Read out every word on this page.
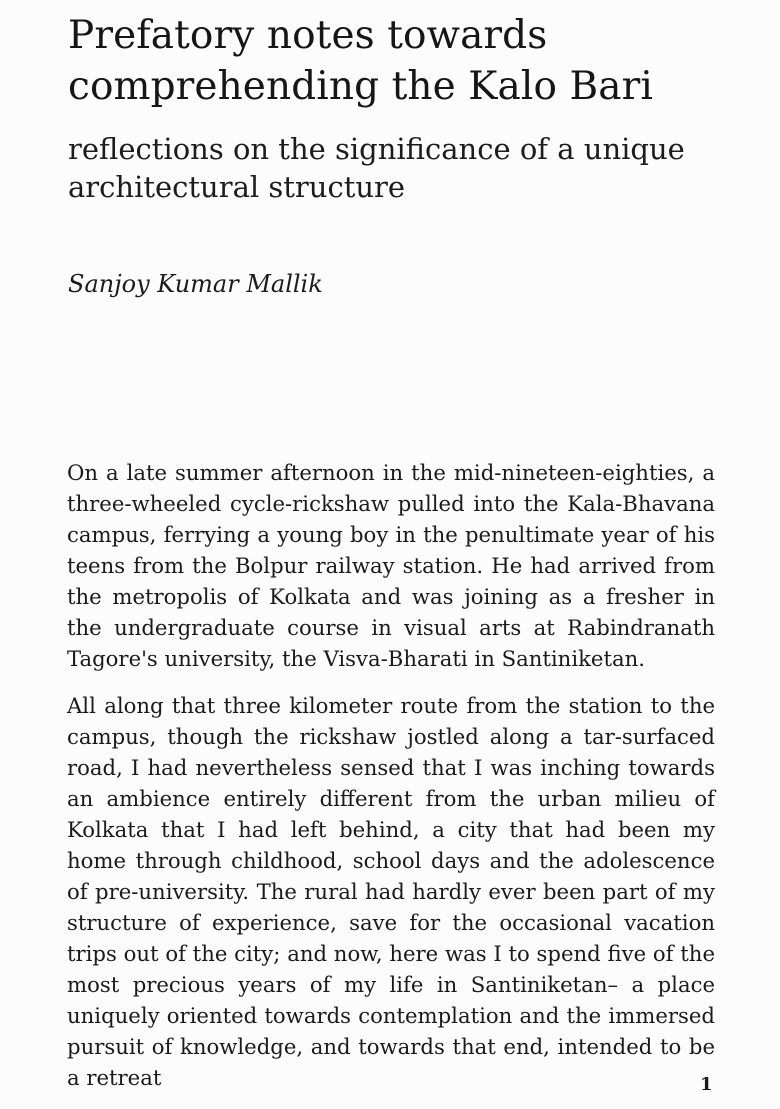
Prefatory notes towards comprehending the Kalo Bari
reflections on the significance of a unique architectural structure
Sanjoy Kumar Mallik

On a late summer afternoon in the mid-nineteen-eighties, a three-wheeled cycle-rickshaw pulled into the Kala-Bhavana campus, ferrying a young boy in the penultimate year of his teens from the Bolpur railway station. He had arrived from the metropolis of Kolkata and was joining as a fresher in the undergraduate course in visual arts at Rabindranath Tagore's university, the Visva-Bharati in Santiniketan.

All along that three kilometer route from the station to the campus, though the rickshaw jostled along a tar-surfaced road, I had nevertheless sensed that I was inching towards an ambience entirely different from the urban milieu of Kolkata that I had left behind, a city that had been my home through childhood, school days and the adolescence of pre-university. The rural had hardly ever been part of my structure of experience, save for the occasional vacation trips out of the city; and now, here was I to spend five of the most precious years of my life in Santiniketan– a place uniquely oriented towards contemplation and the immersed pursuit of knowledge, and towards that end, intended to be a retreat	1
